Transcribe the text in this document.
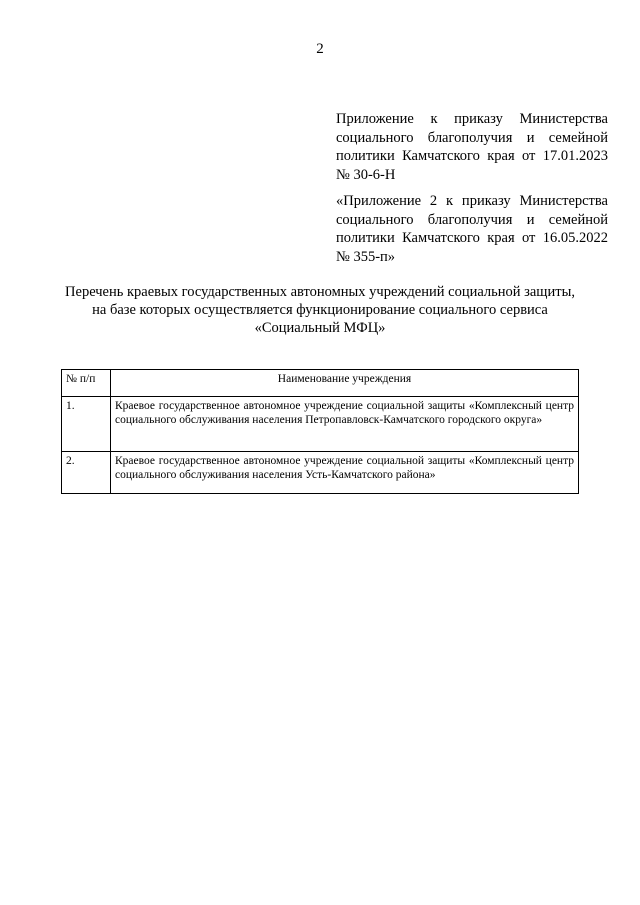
2
Приложение к приказу Министерства
социального благополучия и семейной
политики Камчатского края от 17.01.2023
№ 30-6-Н
«Приложение 2 к приказу Министерства
социального благополучия и семейной
политики Камчатского края от 16.05.2022
№ 355-п»
Перечень краевых государственных автономных учреждений социальной защиты,
на базе которых осуществляется функционирование социального сервиса
«Социальный МФЦ»
№ п/п	Наименование учреждения
1.	Краевое государственное автономное учреждение социальной защиты «Комплексный центр социального обслуживания населения Петропавловск-Камчатского городского округа»
2.	Краевое государственное автономное учреждение социальной защиты «Комплексный центр социального обслуживания населения Усть-Камчатского района»
